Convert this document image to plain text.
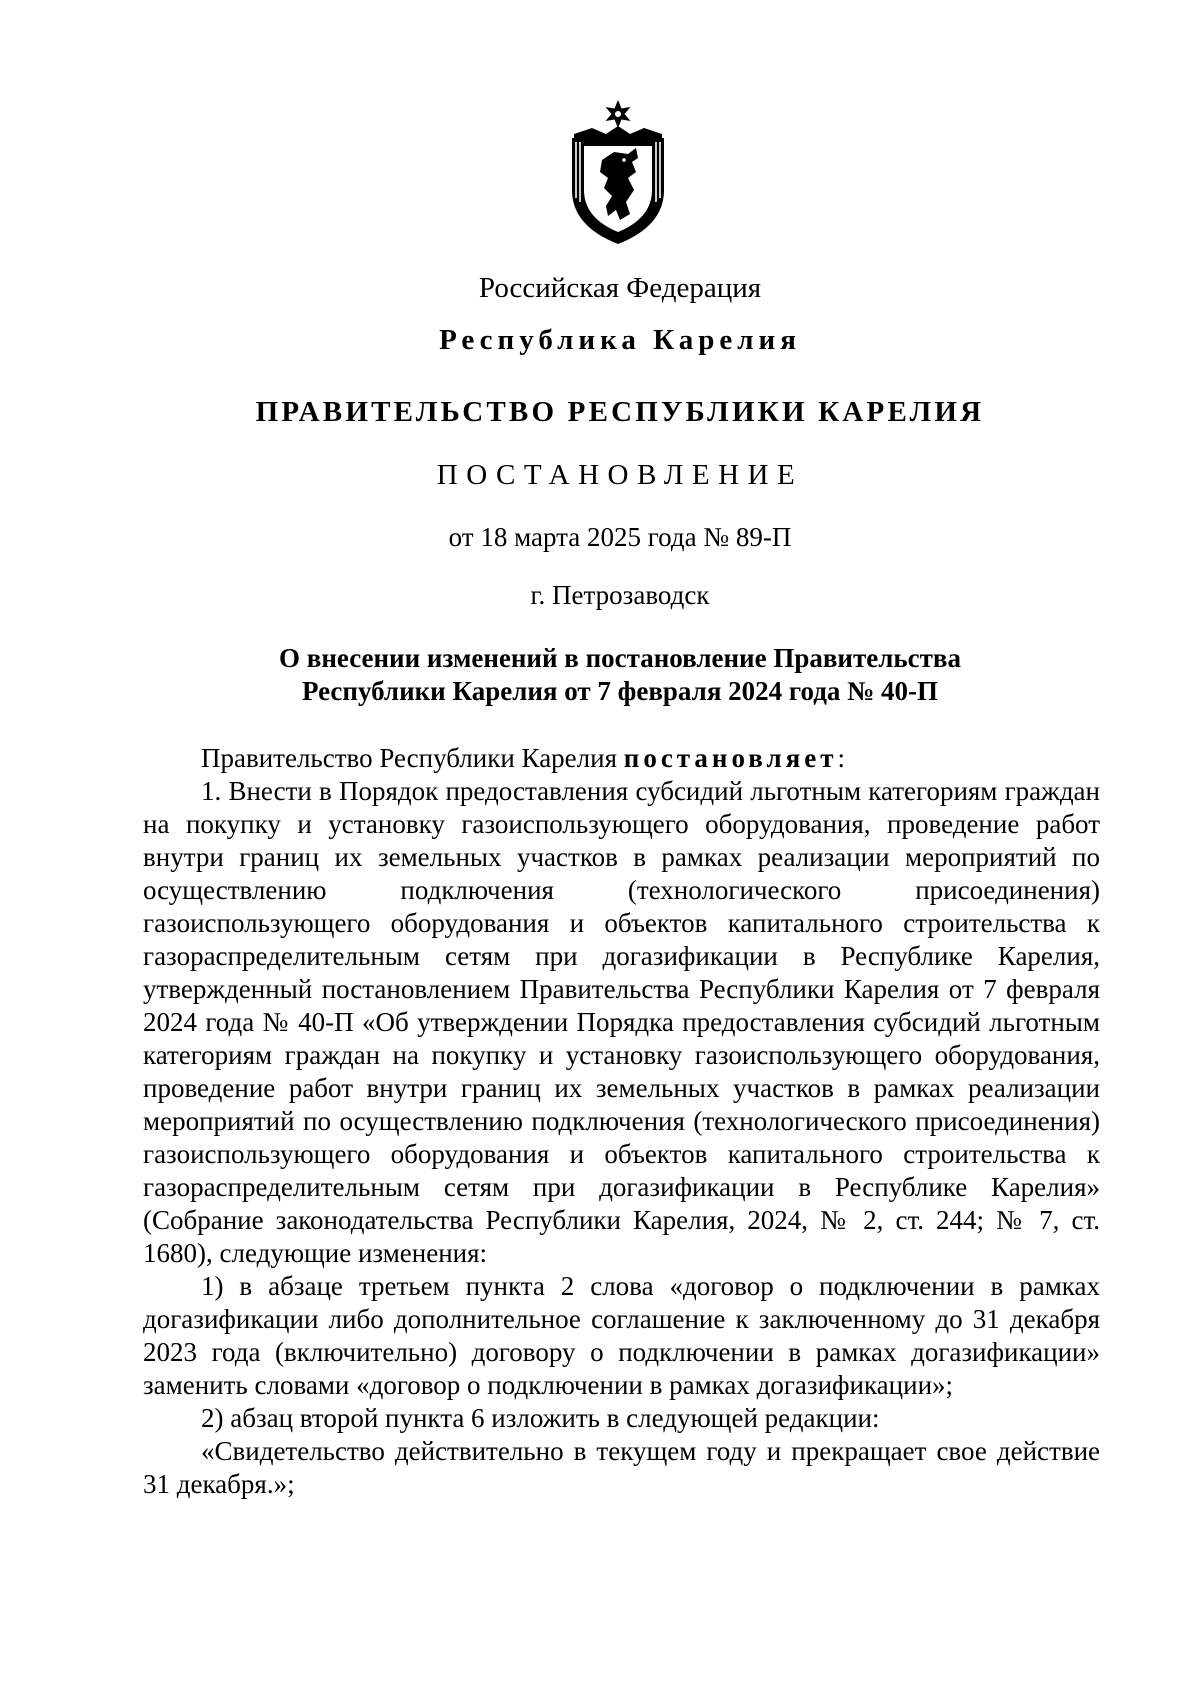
Российская Федерация
Республика Карелия
ПРАВИТЕЛЬСТВО РЕСПУБЛИКИ КАРЕЛИЯ
ПОСТАНОВЛЕНИЕ
от 18 марта 2025 года № 89-П
г. Петрозаводск
О внесении изменений в постановление Правительства
Республики Карелия от 7 февраля 2024 года № 40-П

Правительство Республики Карелия постановляет:

1. Внести в Порядок предоставления субсидий льготным категориям граждан на покупку и установку газоиспользующего оборудования, проведение работ внутри границ их земельных участков в рамках реализации мероприятий по осуществлению подключения (технологического присоединения) газоиспользующего оборудования и объектов капитального строительства к газораспределительным сетям при догазификации в Республике Карелия, утвержденный постановлением Правительства Республики Карелия от 7 февраля 2024 года № 40-П «Об утверждении Порядка предоставления субсидий льготным категориям граждан на покупку и установку газоиспользующего оборудования, проведение работ внутри границ их земельных участков в рамках реализации мероприятий по осуществлению подключения (технологического присоединения) газоиспользующего оборудования и объектов капитального строительства к газораспределительным сетям при догазификации в Республике Карелия» (Собрание законодательства Республики Карелия, 2024, № 2, ст. 244; № 7, ст. 1680), следующие изменения:

1) в абзаце третьем пункта 2 слова «договор о подключении в рамках догазификации либо дополнительное соглашение к заключенному до 31 декабря 2023 года (включительно) договору о подключении в рамках догазификации» заменить словами «договор о подключении в рамках догазификации»;

2) абзац второй пункта 6 изложить в следующей редакции:

«Свидетельство действительно в текущем году и прекращает свое действие 31 декабря.»;
